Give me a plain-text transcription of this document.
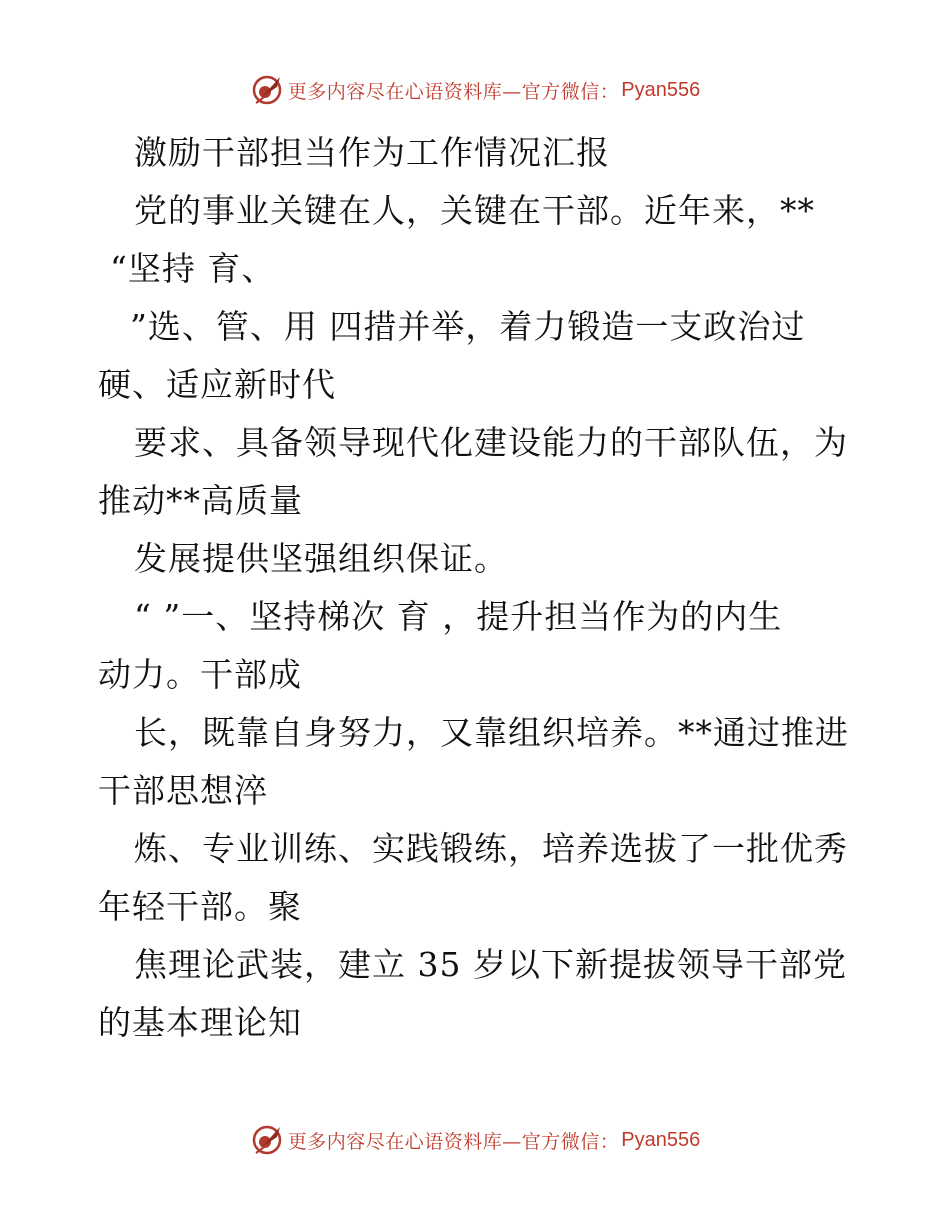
更多内容尽在心语资料库—官方微信： Pyan556
激励干部担当作为工作情况汇报
党的事业关键在人，关键在干部。近年来，**
“坚持 育、
”选、管、用 四措并举，着力锻造一支政治过
硬、适应新时代
要求、具备领导现代化建设能力的干部队伍，为
推动**高质量
发展提供坚强组织保证。
“ ”一、坚持梯次 育 ，提升担当作为的内生
动力。干部成
长，既靠自身努力，又靠组织培养。**通过推进
干部思想淬
炼、专业训练、实践锻练，培养选拔了一批优秀
年轻干部。聚
焦理论武装，建立 35 岁以下新提拔领导干部党
的基本理论知
更多内容尽在心语资料库—官方微信： Pyan556
